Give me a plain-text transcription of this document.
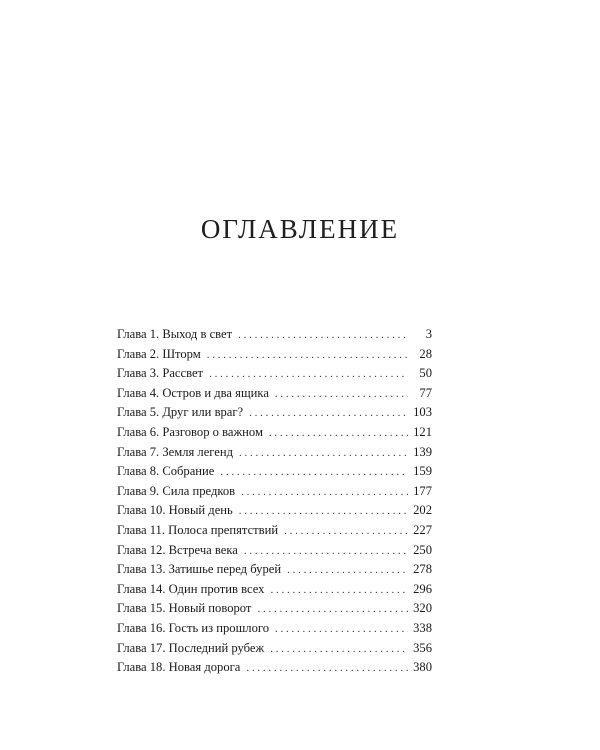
ОГЛАВЛЕНИЕ
Глава 1. Выход в свет . . .	3
Глава 2. Шторм . . .	28
Глава 3. Рассвет . . .	50
Глава 4. Остров и два ящика . . .	77
Глава 5. Друг или враг? . . .	103
Глава 6. Разговор о важном . . .	121
Глава 7. Земля легенд . . .	139
Глава 8. Собрание . . .	159
Глава 9. Сила предков . . .	177
Глава 10. Новый день . . .	202
Глава 11. Полоса препятствий . . .	227
Глава 12. Встреча века . . .	250
Глава 13. Затишье перед бурей . . .	278
Глава 14. Один против всех . . .	296
Глава 15. Новый поворот . . .	320
Глава 16. Гость из прошлого . . .	338
Глава 17. Последний рубеж . . .	356
Глава 18. Новая дорога . . .	380
